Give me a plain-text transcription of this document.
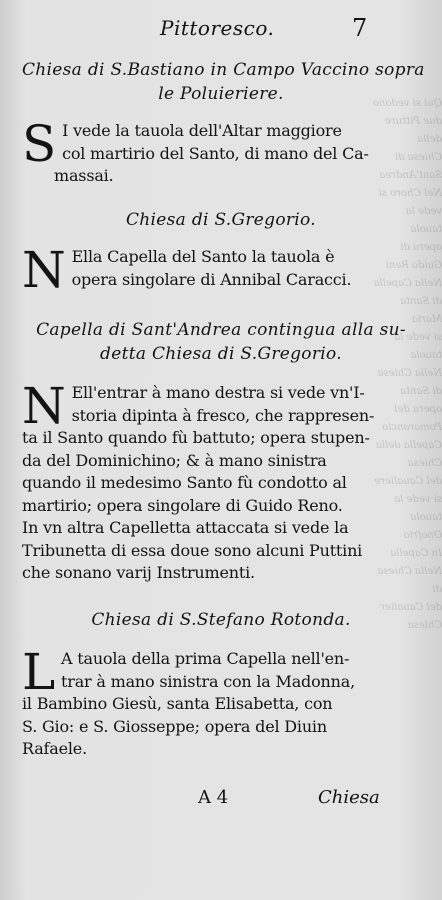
Quì si vedono due Pitture della
Chiesa di Sant'Andrea
Nel Choro si vede la tauola
opera di Guido Reni
Nella Capella di Santa Maria
si vede la tauola
Nella Chiesa di Santa
opera del Pomarancio
Capella della Chiesa
del Caualiere
si vede la tauola
Onofrio
In Capella
Nella Chiesa di
del Caualier
Chiesa
Pittoresco.	7
Chiesa di S.Bastiano in Campo Vaccino sopra
le Poluieriere.
S I vede la tauola dell'Altar maggiore
col martirio del Santo, di mano del Ca-
massai.
Chiesa di S.Gregorio.
N Ella Capella del Santo la tauola è
opera singolare di Annibal Caracci.
Capella di Sant'Andrea contingua alla su-
detta Chiesa di S.Gregorio.
N Ell'entrar à mano destra si vede vn'I-
storia dipinta à fresco, che rappresen-
ta il Santo quando fù battuto; opera stupen-
da del Dominichino; & à mano sinistra
quando il medesimo Santo fù condotto al
martirio; opera singolare di Guido Reno.
In vn altra Capelletta attaccata si vede la
Tribunetta di essa doue sono alcuni Puttini
che sonano varij Instrumenti.
Chiesa di S.Stefano Rotonda.
L A tauola della prima Capella nell'en-
trar à mano sinistra con la Madonna,
il Bambino Giesù, santa Elisabetta, con
S. Gio: e S. Giosseppe; opera del Diuin
Rafaele.
A 4	Chiesa
